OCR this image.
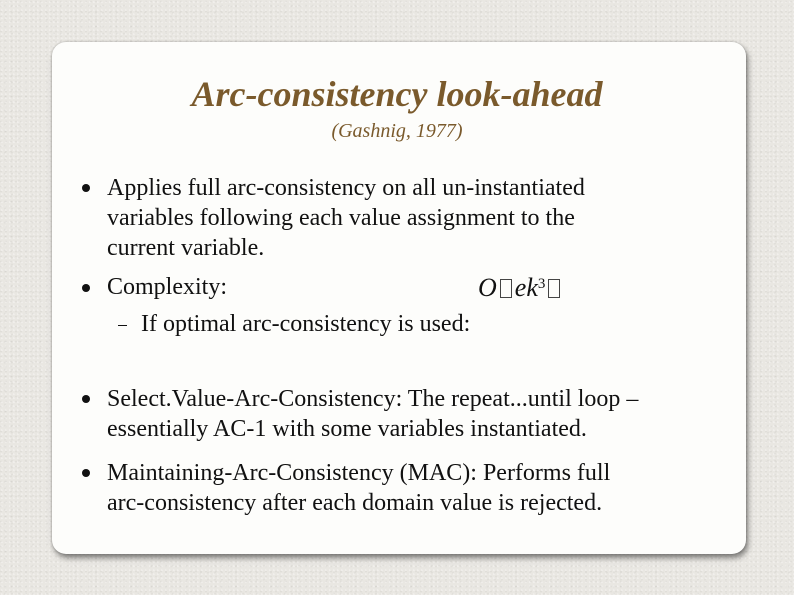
Arc-consistency look-ahead
(Gashnig, 1977)
Applies full arc-consistency on all un-instantiated
variables following each value assignment to the
current variable.
Complexity:	O $ek^3$
If optimal arc-consistency is used:
Select.Value-Arc-Consistency: The repeat...until loop –
essentially AC-1 with some variables instantiated.
Maintaining-Arc-Consistency (MAC): Performs full
arc-consistency after each domain value is rejected.
